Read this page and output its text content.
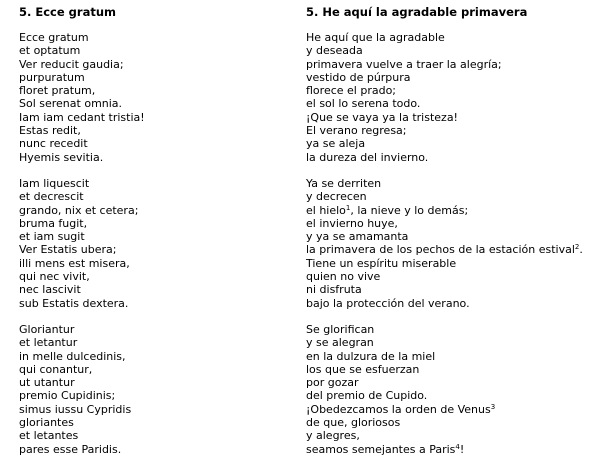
5. Ecce gratum
Ecce gratum
et optatum
Ver reducit gaudia;
purpuratum
floret pratum,
Sol serenat omnia.
Iam iam cedant tristia!
Estas redit,
nunc recedit
Hyemis sevitia.
Iam liquescit
et decrescit
grando, nix et cetera;
bruma fugit,
et iam sugit
Ver Estatis ubera;
illi mens est misera,
qui nec vivit,
nec lascivit
sub Estatis dextera.
Gloriantur
et letantur
in melle dulcedinis,
qui conantur,
ut utantur
premio Cupidinis;
simus iussu Cypridis
gloriantes
et letantes
pares esse Paridis.
5. He aquí la agradable primavera
He aquí que la agradable
y deseada
primavera vuelve a traer la alegría;
vestido de púrpura
florece el prado;
el sol lo serena todo.
¡Que se vaya ya la tristeza!
El verano regresa;
ya se aleja
la dureza del invierno.
Ya se derriten
y decrecen
el hielo$^1$, la nieve y lo demás;
el invierno huye,
y ya se amamanta
la primavera de los pechos de la estación estival$^2$.
Tiene un espíritu miserable
quien no vive
ni disfruta
bajo la protección del verano.
Se glorifican
y se alegran
en la dulzura de la miel
los que se esfuerzan
por gozar
del premio de Cupido.
¡Obedezcamos la orden de Venus$^3$
de que, gloriosos
y alegres,
seamos semejantes a Paris$^4$!
